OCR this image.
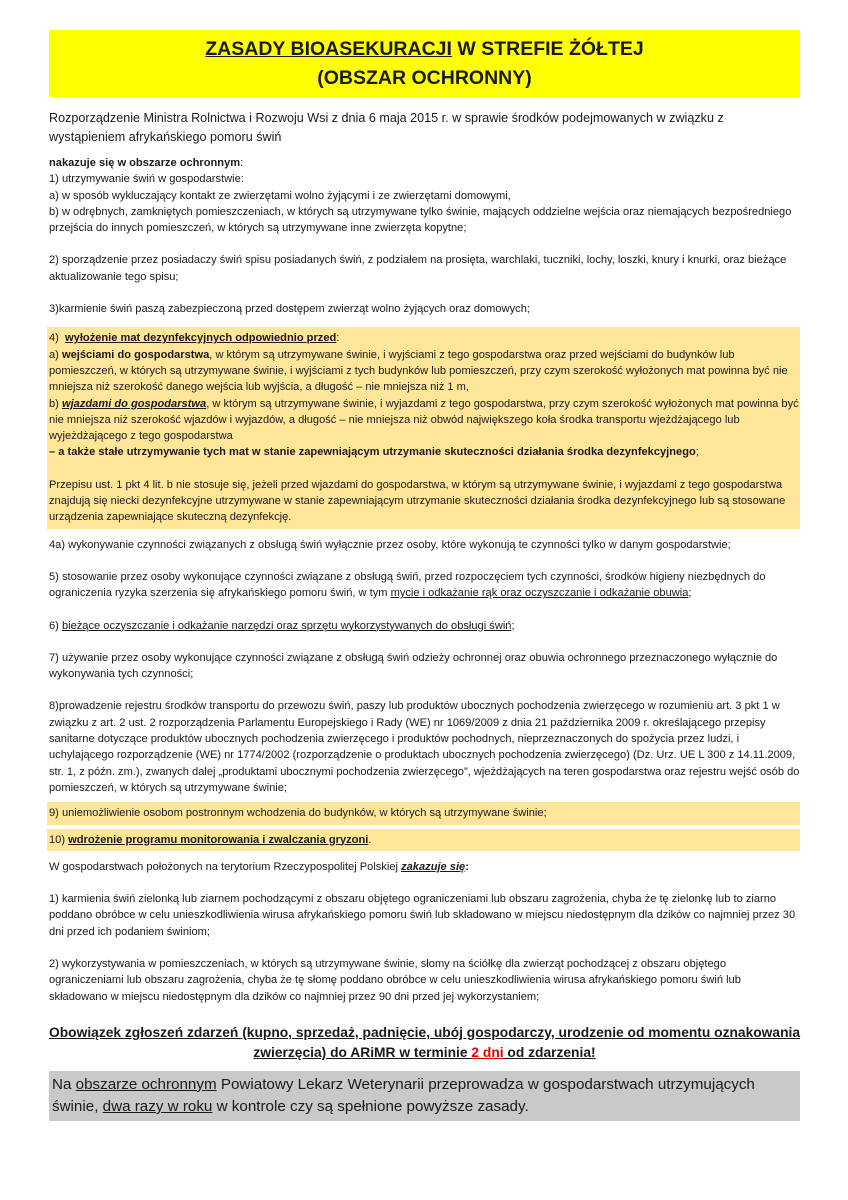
ZASADY BIOASEKURACJI W STREFIE ŻÓŁTEJ
(OBSZAR OCHRONNY)

Rozporządzenie Ministra Rolnictwa i Rozwoju Wsi z dnia 6 maja 2015 r. w sprawie środków podejmowanych w związku z wystąpieniem afrykańskiego pomoru świń

nakazuje się w obszarze ochronnym:

1) utrzymywanie świń w gospodarstwie:

a) w sposób wykluczający kontakt ze zwierzętami wolno żyjącymi i ze zwierzętami domowymi,

b) w odrębnych, zamkniętych pomieszczeniach, w których są utrzymywane tylko świnie, mających oddzielne wejścia oraz niemających bezpośredniego przejścia do innych pomieszczeń, w których są utrzymywane inne zwierzęta kopytne;

2) sporządzenie przez posiadaczy świń spisu posiadanych świń, z podziałem na prosięta, warchlaki, tuczniki, lochy, loszki, knury i knurki, oraz bieżące aktualizowanie tego spisu;

3)karmienie świń paszą zabezpieczoną przed dostępem zwierząt wolno żyjących oraz domowych;

4)  wyłożenie mat dezynfekcyjnych odpowiednio przed:

a) wejściami do gospodarstwa, w którym są utrzymywane świnie, i wyjściami z tego gospodarstwa oraz przed wejściami do budynków lub pomieszczeń, w których są utrzymywane świnie, i wyjściami z tych budynków lub pomieszczeń, przy czym szerokość wyłożonych mat powinna być nie mniejsza niż szerokość danego wejścia lub wyjścia, a długość – nie mniejsza niż 1 m,

b) wjazdami do gospodarstwa, w którym są utrzymywane świnie, i wyjazdami z tego gospodarstwa, przy czym szerokość wyłożonych mat powinna być nie mniejsza niż szerokość wjazdów i wyjazdów, a długość – nie mniejsza niż obwód największego koła środka transportu wjeżdżającego lub wyjeżdżającego z tego gospodarstwa

– a także stałe utrzymywanie tych mat w stanie zapewniającym utrzymanie skuteczności działania środka dezynfekcyjnego;

Przepisu ust. 1 pkt 4 lit. b nie stosuje się, jeżeli przed wjazdami do gospodarstwa, w którym są utrzymywane świnie, i wyjazdami z tego gospodarstwa znajdują się niecki dezynfekcyjne utrzymywane w stanie zapewniającym utrzymanie skuteczności działania środka dezynfekcyjnego lub są stosowane urządzenia zapewniające skuteczną dezynfekcję.

4a) wykonywanie czynności związanych z obsługą świń wyłącznie przez osoby, które wykonują te czynności tylko w danym gospodarstwie;

5) stosowanie przez osoby wykonujące czynności związane z obsługą świń, przed rozpoczęciem tych czynności, środków higieny niezbędnych do ograniczenia ryzyka szerzenia się afrykańskiego pomoru świń, w tym mycie i odkażanie rąk oraz oczyszczanie i odkażanie obuwia;

6) bieżące oczyszczanie i odkażanie narzędzi oraz sprzętu wykorzystywanych do obsługi świń;

7) używanie przez osoby wykonujące czynności związane z obsługą świń odzieży ochronnej oraz obuwia ochronnego przeznaczonego wyłącznie do wykonywania tych czynności;

8)prowadzenie rejestru środków transportu do przewozu świń, paszy lub produktów ubocznych pochodzenia zwierzęcego w rozumieniu art. 3 pkt 1 w związku z art. 2 ust. 2 rozporządzenia Parlamentu Europejskiego i Rady (WE) nr 1069/2009 z dnia 21 października 2009 r. określającego przepisy sanitarne dotyczące produktów ubocznych pochodzenia zwierzęcego i produktów pochodnych, nieprzeznaczonych do spożycia przez ludzi, i uchylającego rozporządzenie (WE) nr 1774/2002 (rozporządzenie o produktach ubocznych pochodzenia zwierzęcego) (Dz. Urz. UE L 300 z 14.11.2009, str. 1, z późn. zm.), zwanych dalej „produktami ubocznymi pochodzenia zwierzęcego”, wjeżdżających na teren gospodarstwa oraz rejestru wejść osób do pomieszczeń, w których są utrzymywane świnie;

9) uniemożliwienie osobom postronnym wchodzenia do budynków, w których są utrzymywane świnie;

10) wdrożenie programu monitorowania i zwalczania gryzoni.

W gospodarstwach położonych na terytorium Rzeczypospolitej Polskiej zakazuje się:

1) karmienia świń zielonką lub ziarnem pochodzącymi z obszaru objętego ograniczeniami lub obszaru zagrożenia, chyba że tę zielonkę lub to ziarno poddano obróbce w celu unieszkodliwienia wirusa afrykańskiego pomoru świń lub składowano w miejscu niedostępnym dla dzików co najmniej przez 30 dni przed ich podaniem świniom;

2) wykorzystywania w pomieszczeniach, w których są utrzymywane świnie, słomy na ściółkę dla zwierząt pochodzącej z obszaru objętego ograniczeniami lub obszaru zagrożenia, chyba że tę słomę poddano obróbce w celu unieszkodliwienia wirusa afrykańskiego pomoru świń lub składowano w miejscu niedostępnym dla dzików co najmniej przez 90 dni przed jej wykorzystaniem;

Obowiązek zgłoszeń zdarzeń (kupno, sprzedaż, padnięcie, ubój gospodarczy, urodzenie od momentu oznakowania zwierzęcia) do ARiMR w terminie 2 dni od zdarzenia!

Na obszarze ochronnym Powiatowy Lekarz Weterynarii przeprowadza w gospodarstwach utrzymujących świnie, dwa razy w roku w kontrole czy są spełnione powyższe zasady.
